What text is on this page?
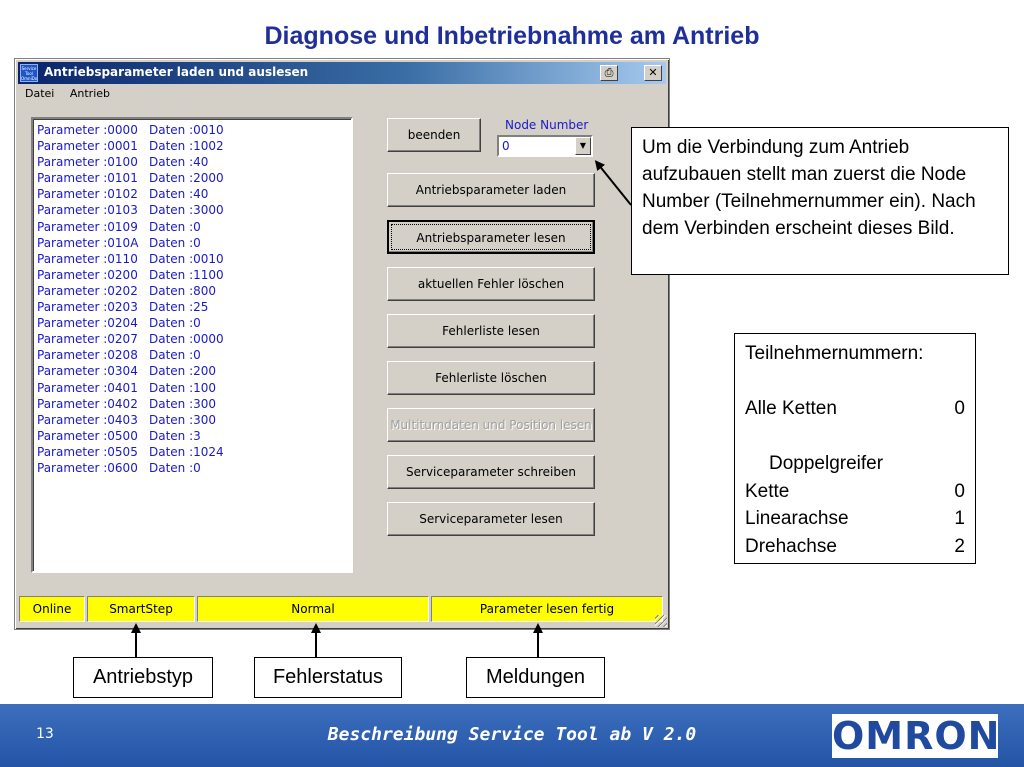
Diagnose und Inbetriebnahme am Antrieb
Service Tool OmniDo Antriebsparameter laden und auslesen	⎙	✕
Datei Antrieb
Parameter :0000 Daten :0010
Parameter :0001 Daten :1002
Parameter :0100 Daten :40
Parameter :0101 Daten :2000
Parameter :0102 Daten :40
Parameter :0103 Daten :3000
Parameter :0109 Daten :0
Parameter :010A Daten :0
Parameter :0110 Daten :0010
Parameter :0200 Daten :1100
Parameter :0202 Daten :800
Parameter :0203 Daten :25
Parameter :0204 Daten :0
Parameter :0207 Daten :0000
Parameter :0208 Daten :0
Parameter :0304 Daten :200
Parameter :0401 Daten :100
Parameter :0402 Daten :300
Parameter :0403 Daten :300
Parameter :0500 Daten :3
Parameter :0505 Daten :1024
Parameter :0600 Daten :0
beenden
Node Number
0	▼
Antriebsparameter laden
Antriebsparameter lesen
aktuellen Fehler löschen
Fehlerliste lesen
Fehlerliste löschen
Multiturndaten und Position lesen
Serviceparameter schreiben
Serviceparameter lesen
Online	SmartStep	Normal	Parameter lesen fertig
Um die Verbindung zum Antrieb aufzubauen stellt man zuerst die Node Number (Teilnehmernummer ein). Nach dem Verbinden erscheint dieses Bild.
Teilnehmernummern:
Alle Ketten	0
Doppelgreifer
Kette	0
Linearachse	1
Drehachse	2
Antriebstyp	Fehlerstatus	Meldungen
13	Beschreibung Service Tool ab V 2.0	OMRON
